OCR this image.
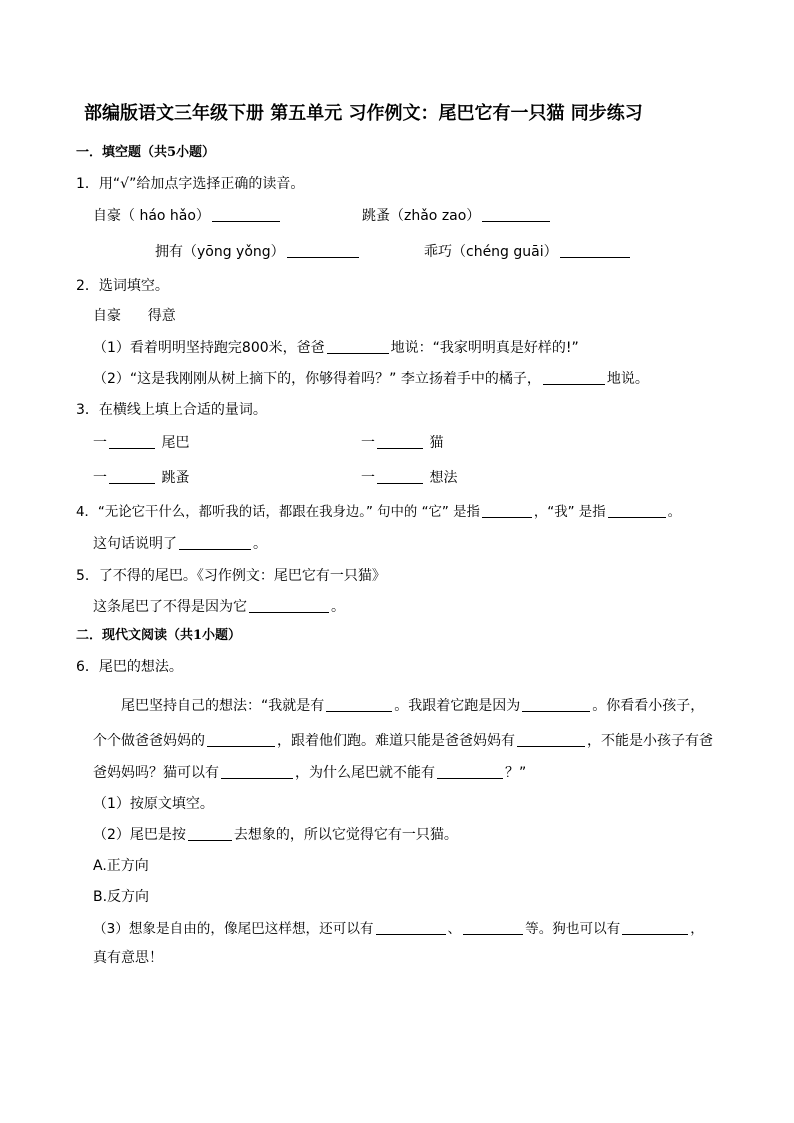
部编版语文三年级下册 第五单元 习作例文：尾巴它有一只猫 同步练习
一．填空题（共5小题）
1．用“√”给加点字选择正确的读音。
自豪（ háo hǎo）	跳蚤（zhǎo zao）
拥有（yōng yǒng）	乖巧（chéng guāi）
2．选词填空。
自豪      得意
（1）看着明明坚持跑完800米，爸爸	地说：“我家明明真是好样的!”
（2）“这是我刚刚从树上摘下的，你够得着吗？” 李立扬着手中的橘子，	地说。
3．在横线上填上合适的量词。
一	尾巴	一	猫
一	跳蚤	一	想法
4．“无论它干什么，都听我的话，都跟在我身边。” 句中的 “它” 是指	，“我” 是指	。
这句话说明了	。
5．了不得的尾巴。《习作例文：尾巴它有一只猫》
这条尾巴了不得是因为它	。
二．现代文阅读（共1小题）
6．尾巴的想法。
尾巴坚持自己的想法：“我就是有	。我跟着它跑是因为	。你看看小孩子，
个个做爸爸妈妈的	，跟着他们跑。难道只能是爸爸妈妈有	，不能是小孩子有爸
爸妈妈吗？猫可以有	，为什么尾巴就不能有	？”
（1）按原文填空。
（2）尾巴是按	去想象的，所以它觉得它有一只猫。
A.正方向
B.反方向
（3）想象是自由的，像尾巴这样想，还可以有	、	等。狗也可以有	，
真有意思！
